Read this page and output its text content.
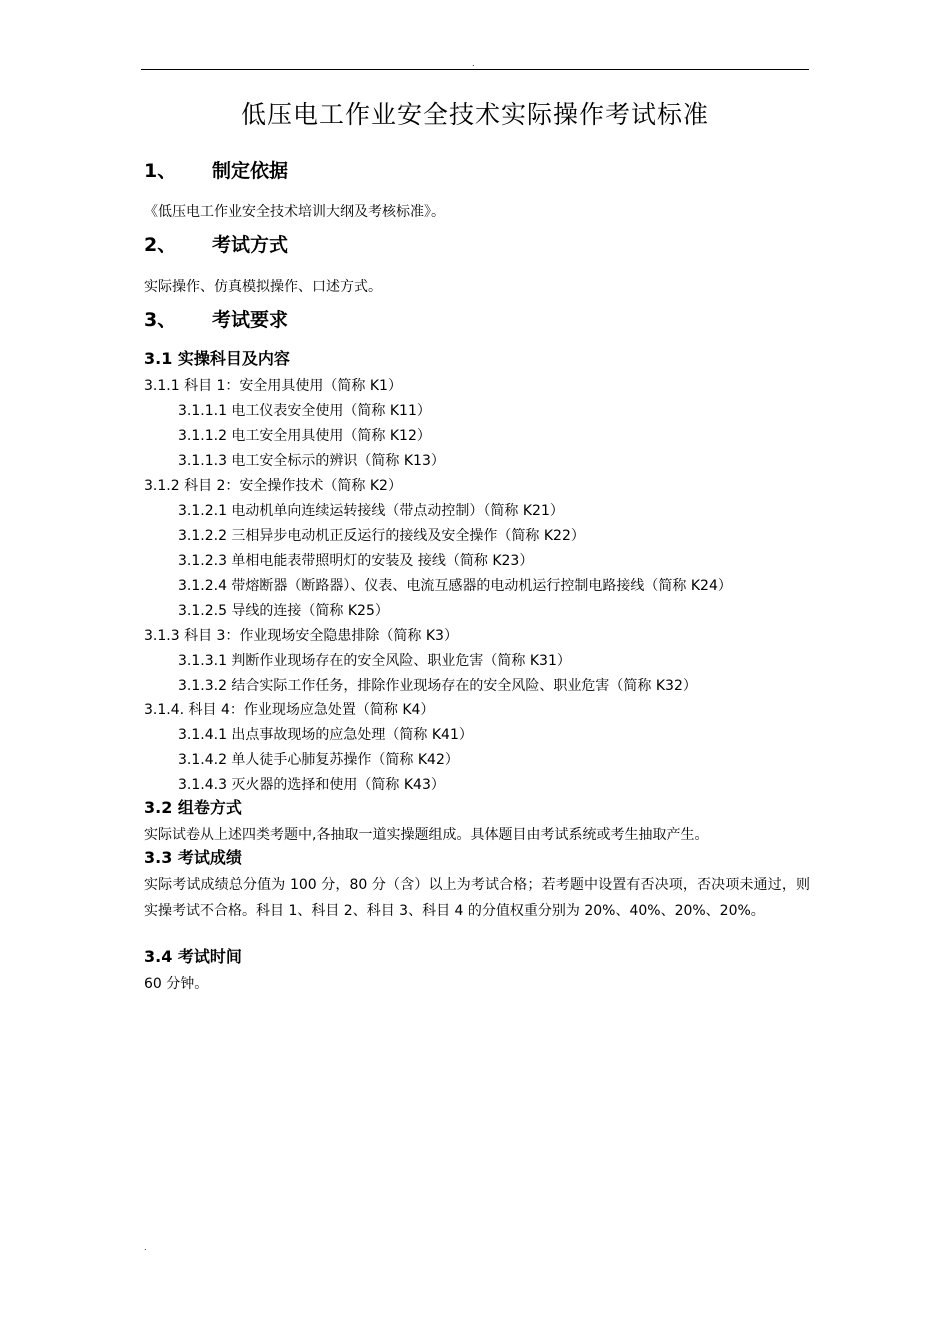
.
低压电工作业安全技术实际操作考试标准
1、 制定依据
《低压电工作业安全技术培训大纲及考核标准》。
2、 考试方式
实际操作、仿真模拟操作、口述方式。
3、 考试要求
3.1 实操科目及内容
3.1.1 科目 1：安全用具使用（简称 K1）
3.1.1.1 电工仪表安全使用（简称 K11）
3.1.1.2 电工安全用具使用（简称 K12）
3.1.1.3 电工安全标示的辨识（简称 K13）
3.1.2 科目 2：安全操作技术（简称 K2）
3.1.2.1 电动机单向连续运转接线（带点动控制）（简称 K21）
3.1.2.2 三相异步电动机正反运行的接线及安全操作（简称 K22）
3.1.2.3 单相电能表带照明灯的安装及 接线（简称 K23）
3.1.2.4 带熔断器（断路器）、仪表、电流互感器的电动机运行控制电路接线（简称 K24）
3.1.2.5 导线的连接（简称 K25）
3.1.3 科目 3：作业现场安全隐患排除（简称 K3）
3.1.3.1 判断作业现场存在的安全风险、职业危害（简称 K31）
3.1.3.2 结合实际工作任务，排除作业现场存在的安全风险、职业危害（简称 K32）
3.1.4. 科目 4：作业现场应急处置（简称 K4）
3.1.4.1 出点事故现场的应急处理（简称 K41）
3.1.4.2 单人徒手心肺复苏操作（简称 K42）
3.1.4.3 灭火器的选择和使用（简称 K43）
3.2 组卷方式
实际试卷从上述四类考题中,各抽取一道实操题组成。具体题目由考试系统或考生抽取产生。
3.3 考试成绩
实际考试成绩总分值为 100 分，80 分（含）以上为考试合格；若考题中设置有否决项，否决项未通过，则实操考试不合格。科目 1、科目 2、科目 3、科目 4 的分值权重分别为 20%、40%、20%、20%。
3.4 考试时间
60 分钟。
.
